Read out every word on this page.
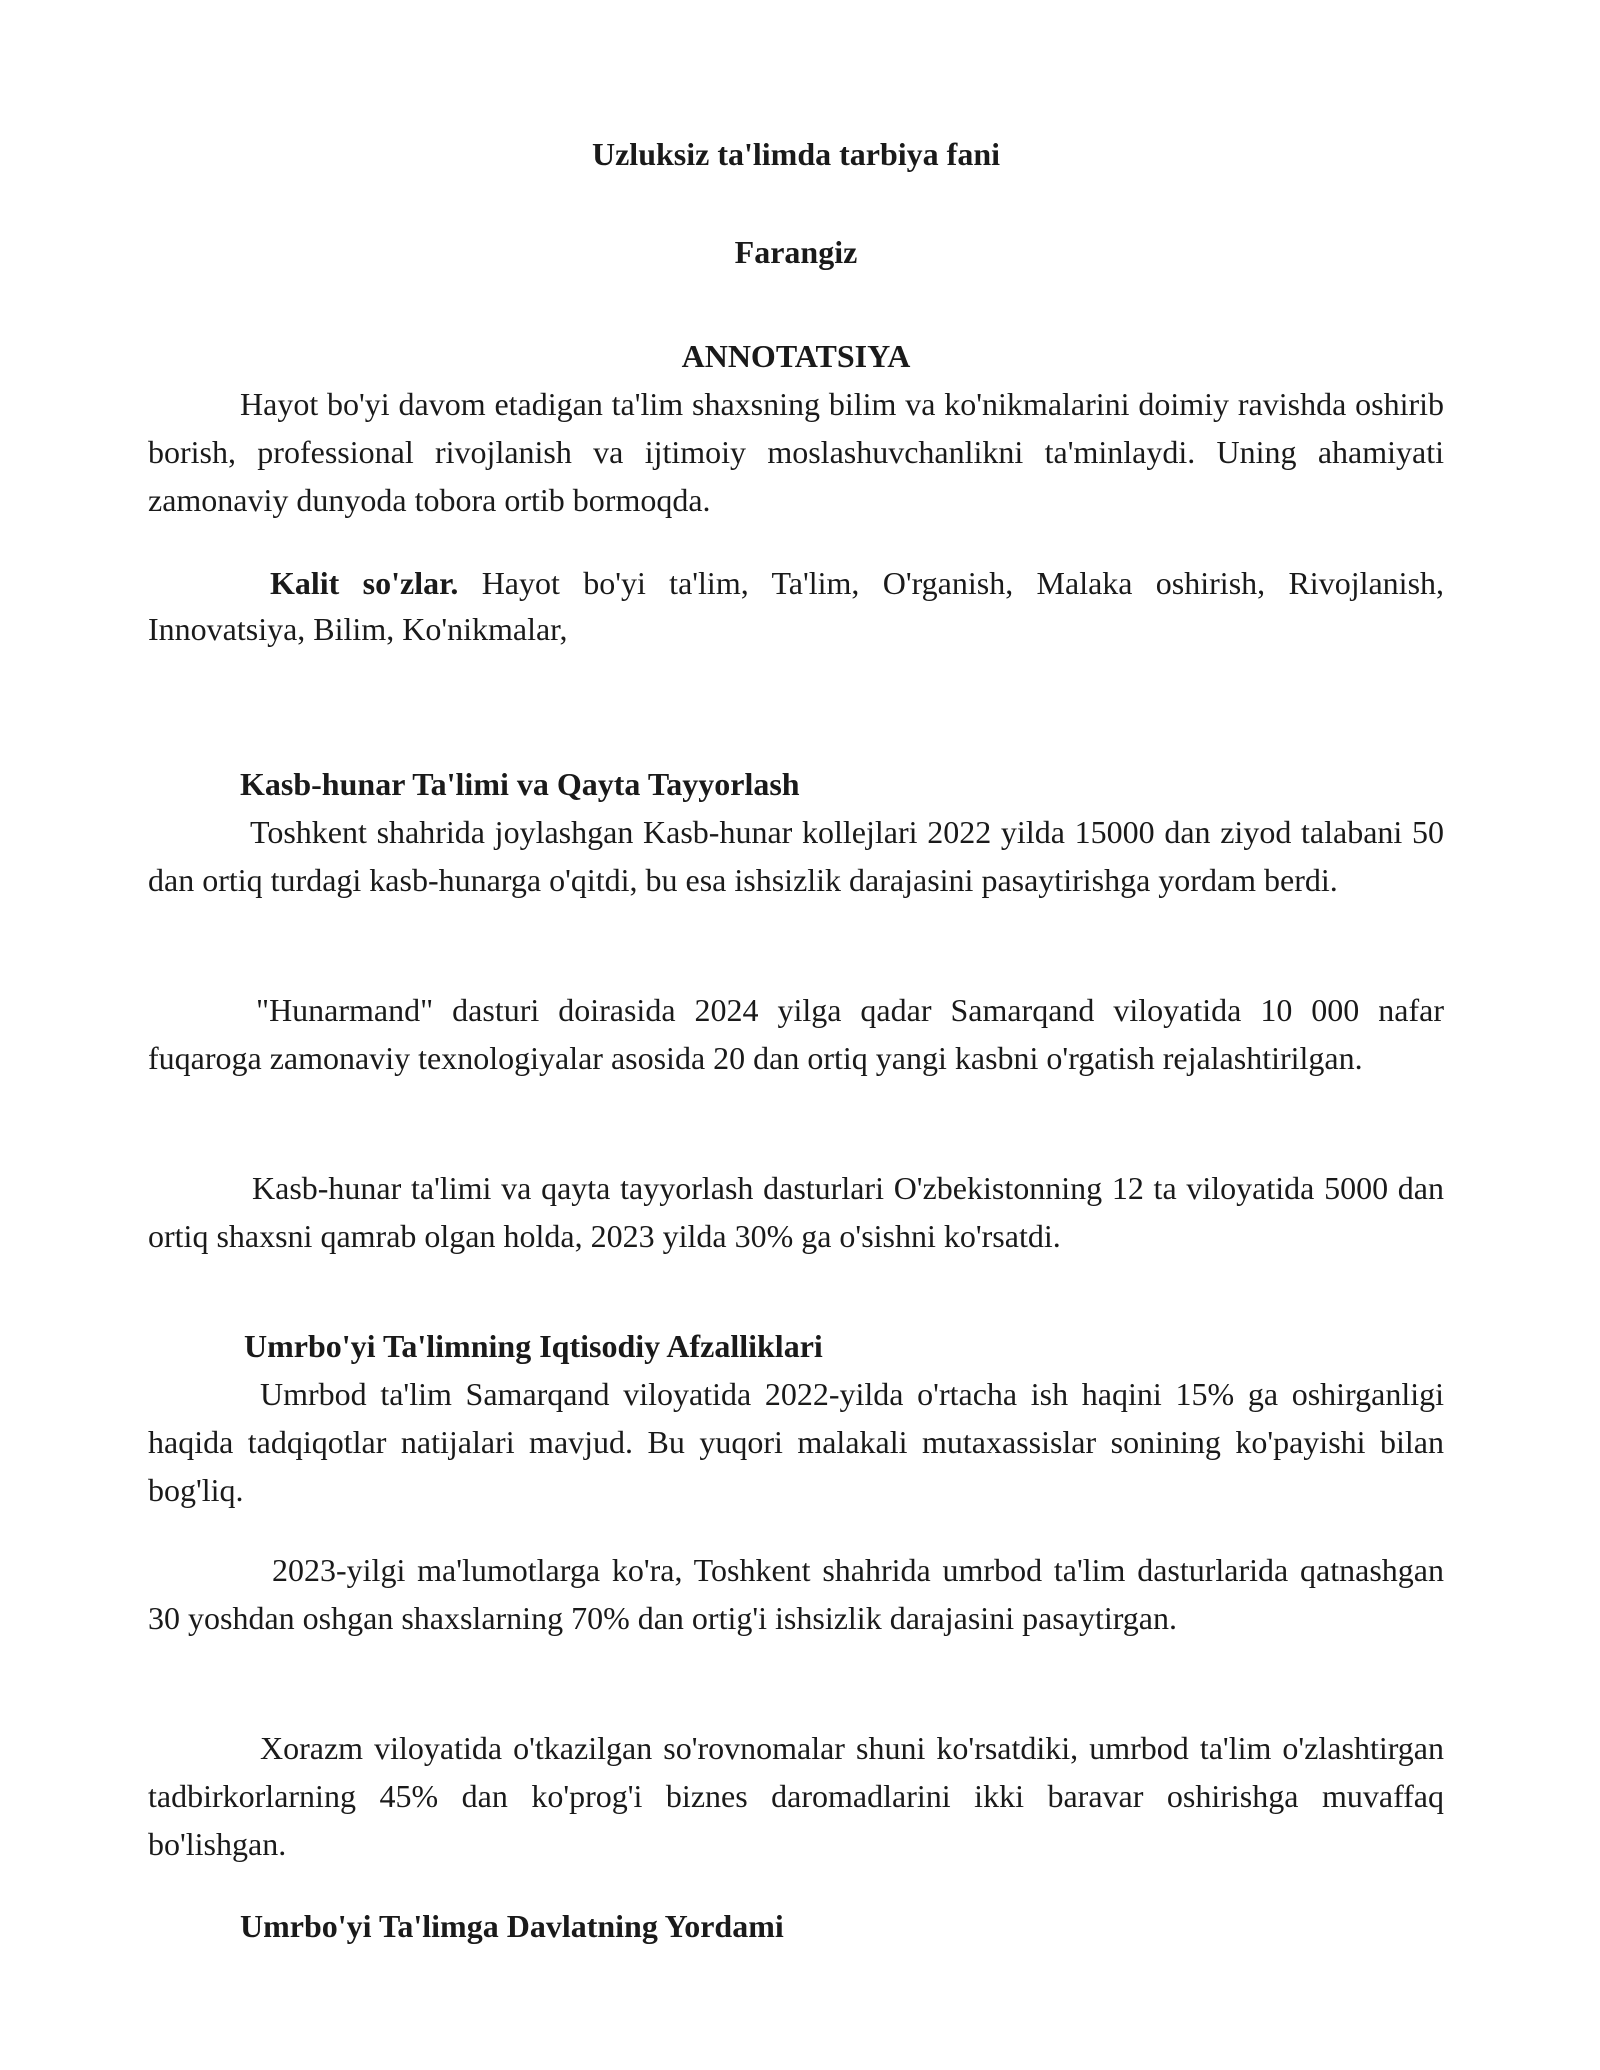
Uzluksiz ta'limda tarbiya fani

Farangiz

ANNOTATSIYA

Hayot bo'yi davom etadigan ta'lim shaxsning bilim va ko'nikmalarini doimiy ravishda oshirib borish, professional rivojlanish va ijtimoiy moslashuvchanlikni ta'minlaydi. Uning ahamiyati zamonaviy dunyoda tobora ortib bormoqda.

Kalit so'zlar. Hayot bo'yi ta'lim, Ta'lim, O'rganish, Malaka oshirish, Rivojlanish, Innovatsiya, Bilim, Ko'nikmalar,

Kasb-hunar Ta'limi va Qayta Tayyorlash

Toshkent shahrida joylashgan Kasb-hunar kollejlari 2022 yilda 15000 dan ziyod talabani 50 dan ortiq turdagi kasb-hunarga o'qitdi, bu esa ishsizlik darajasini pasaytirishga yordam berdi.

"Hunarmand" dasturi doirasida 2024 yilga qadar Samarqand viloyatida 10 000 nafar fuqaroga zamonaviy texnologiyalar asosida 20 dan ortiq yangi kasbni o'rgatish rejalashtirilgan.

Kasb-hunar ta'limi va qayta tayyorlash dasturlari O'zbekistonning 12 ta viloyatida 5000 dan ortiq shaxsni qamrab olgan holda, 2023 yilda 30% ga o'sishni ko'rsatdi.

Umrbo'yi Ta'limning Iqtisodiy Afzalliklari

Umrbod ta'lim Samarqand viloyatida 2022-yilda o'rtacha ish haqini 15% ga oshirganligi haqida tadqiqotlar natijalari mavjud. Bu yuqori malakali mutaxassislar sonining ko'payishi bilan bog'liq.

2023-yilgi ma'lumotlarga ko'ra, Toshkent shahrida umrbod ta'lim dasturlarida qatnashgan 30 yoshdan oshgan shaxslarning 70% dan ortig'i ishsizlik darajasini pasaytirgan.

Xorazm viloyatida o'tkazilgan so'rovnomalar shuni ko'rsatdiki, umrbod ta'lim o'zlashtirgan tadbirkorlarning 45% dan ko'prog'i biznes daromadlarini ikki baravar oshirishga muvaffaq bo'lishgan.

Umrbo'yi Ta'limga Davlatning Yordami
